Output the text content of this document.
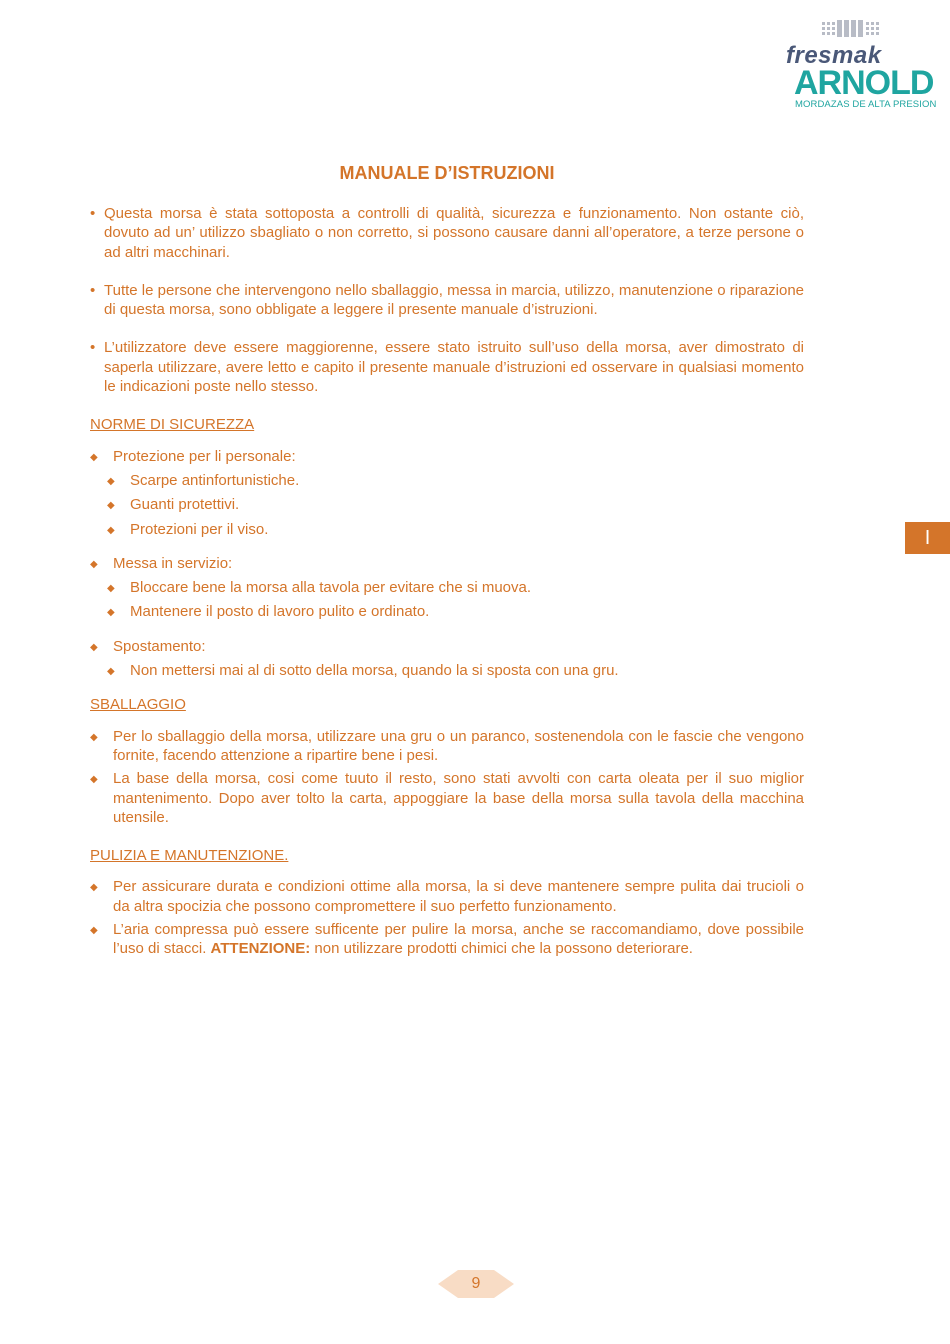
fresmak
ARNOLD
MORDAZAS DE ALTA PRESION
MANUALE D’ISTRUZIONI
• Questa morsa è stata sottoposta a controlli di qualità, sicurezza e funzionamento. Non ostante ciò, dovuto ad un’ utilizzo sbagliato o non corretto, si possono causare danni all’operatore, a terze persone o ad altri macchinari.
• Tutte le persone che intervengono nello sballaggio, messa in marcia, utilizzo, manutenzione o riparazione di questa morsa, sono obbligate a leggere il presente manuale d’istruzioni.
• L’utilizzatore deve essere maggiorenne, essere stato istruito sull’uso della morsa, aver dimostrato di saperla utilizzare, avere letto e capito il presente manuale d’istruzioni ed osservare in qualsiasi momento le indicazioni poste nello stesso.
NORME DI SICUREZZA
◆ Protezione per li personale:
◆ Scarpe antinfortunistiche.
◆ Guanti protettivi.
◆ Protezioni per il viso.
◆ Messa in servizio:
◆ Bloccare bene la morsa alla tavola per evitare che si muova.
◆ Mantenere il posto di lavoro pulito e ordinato.
◆ Spostamento:
◆ Non mettersi mai al di sotto della morsa, quando la si sposta con una gru.
SBALLAGGIO
◆ Per lo sballaggio della morsa, utilizzare una gru o un paranco, sostenendola con le fascie che vengono fornite, facendo attenzione a ripartire bene i pesi.
◆ La base della morsa, cosi come tuuto il resto, sono stati avvolti con carta oleata per il suo miglior mantenimento. Dopo aver tolto la carta, appoggiare la base della morsa sulla tavola della macchina utensile.
PULIZIA E MANUTENZIONE.
◆ Per assicurare durata e condizioni ottime alla morsa, la si deve mantenere sempre pulita dai trucioli o da altra spocizia che possono compromettere il suo perfetto funzionamento.
◆ L’aria compressa può essere sufficente per pulire la morsa, anche se raccomandiamo, dove possibile l’uso di stacci. ATTENZIONE: non utilizzare prodotti chimici che la possono deteriorare.
I
9
